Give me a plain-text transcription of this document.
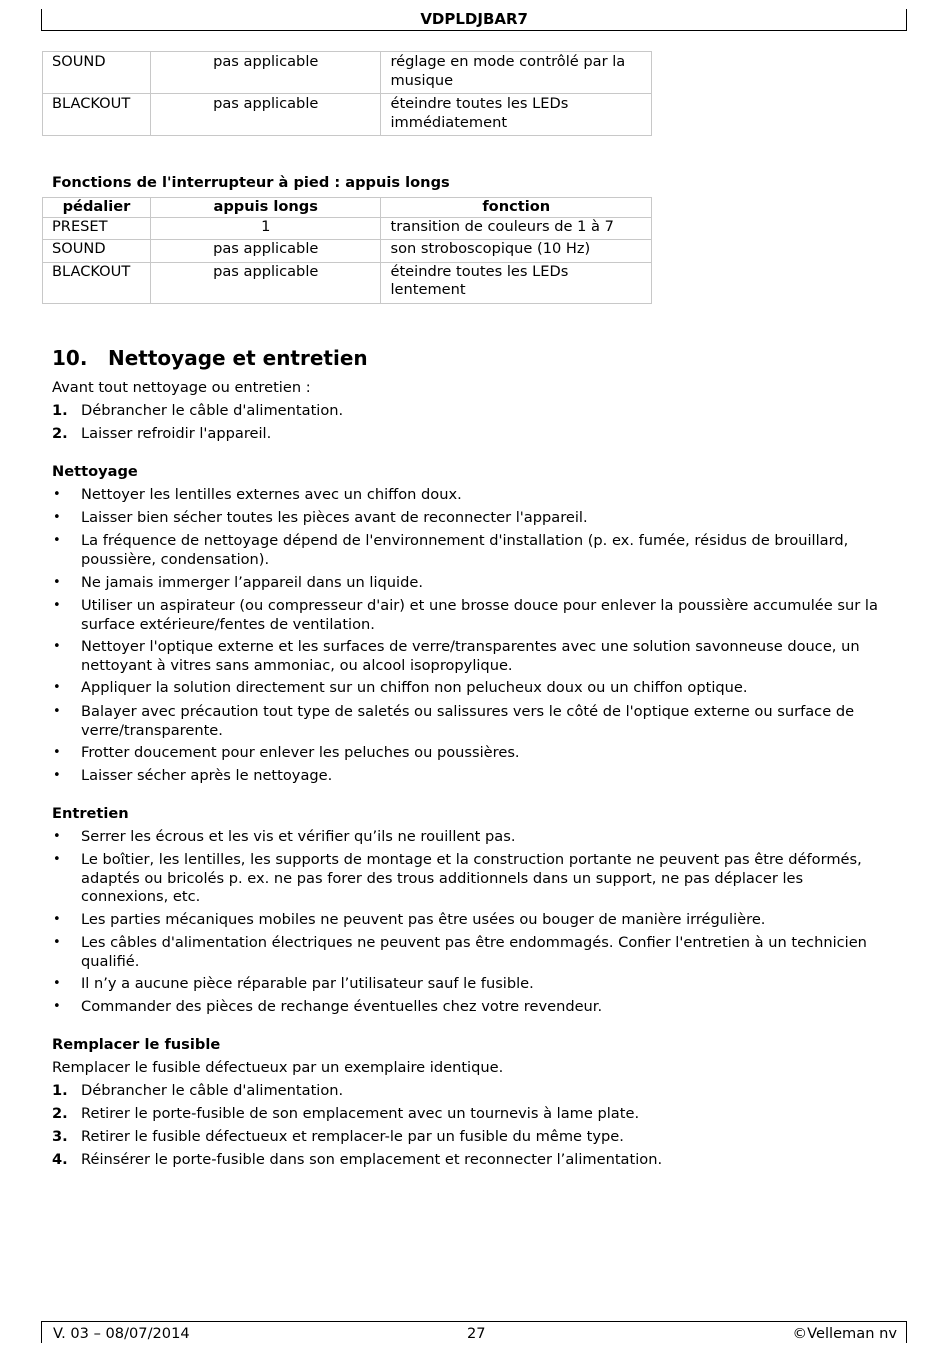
VDPLDJBAR7
SOUND	pas applicable	réglage en mode contrôlé par la musique
BLACKOUT	pas applicable	éteindre toutes les LEDs immédiatement
Fonctions de l'interrupteur à pied : appuis longs
pédalier	appuis longs	fonction
PRESET	1	transition de couleurs de 1 à 7
SOUND	pas applicable	son stroboscopique (10 Hz)
BLACKOUT	pas applicable	éteindre toutes les LEDs lentement
10. Nettoyage et entretien
Avant tout nettoyage ou entretien :
1. Débrancher le câble d'alimentation.
2. Laisser refroidir l'appareil.
Nettoyage
• Nettoyer les lentilles externes avec un chiffon doux.
• Laisser bien sécher toutes les pièces avant de reconnecter l'appareil.
• La fréquence de nettoyage dépend de l'environnement d'installation (p. ex. fumée, résidus de brouillard, poussière, condensation).
• Ne jamais immerger l’appareil dans un liquide.
• Utiliser un aspirateur (ou compresseur d'air) et une brosse douce pour enlever la poussière accumulée sur la surface extérieure/fentes de ventilation.
• Nettoyer l'optique externe et les surfaces de verre/transparentes avec une solution savonneuse douce, un nettoyant à vitres sans ammoniac, ou alcool isopropylique.
• Appliquer la solution directement sur un chiffon non pelucheux doux ou un chiffon optique.
• Balayer avec précaution tout type de saletés ou salissures vers le côté de l'optique externe ou surface de verre/transparente.
• Frotter doucement pour enlever les peluches ou poussières.
• Laisser sécher après le nettoyage.
Entretien
• Serrer les écrous et les vis et vérifier qu’ils ne rouillent pas.
• Le boîtier, les lentilles, les supports de montage et la construction portante ne peuvent pas être déformés, adaptés ou bricolés p. ex. ne pas forer des trous additionnels dans un support, ne pas déplacer les connexions, etc.
• Les parties mécaniques mobiles ne peuvent pas être usées ou bouger de manière irrégulière.
• Les câbles d'alimentation électriques ne peuvent pas être endommagés. Confier l'entretien à un technicien qualifié.
• Il n’y a aucune pièce réparable par l’utilisateur sauf le fusible.
• Commander des pièces de rechange éventuelles chez votre revendeur.
Remplacer le fusible
Remplacer le fusible défectueux par un exemplaire identique.
1. Débrancher le câble d'alimentation.
2. Retirer le porte-fusible de son emplacement avec un tournevis à lame plate.
3. Retirer le fusible défectueux et remplacer-le par un fusible du même type.
4. Réinsérer le porte-fusible dans son emplacement et reconnecter l’alimentation.
V. 03 – 08/07/2014	27	©Velleman nv
